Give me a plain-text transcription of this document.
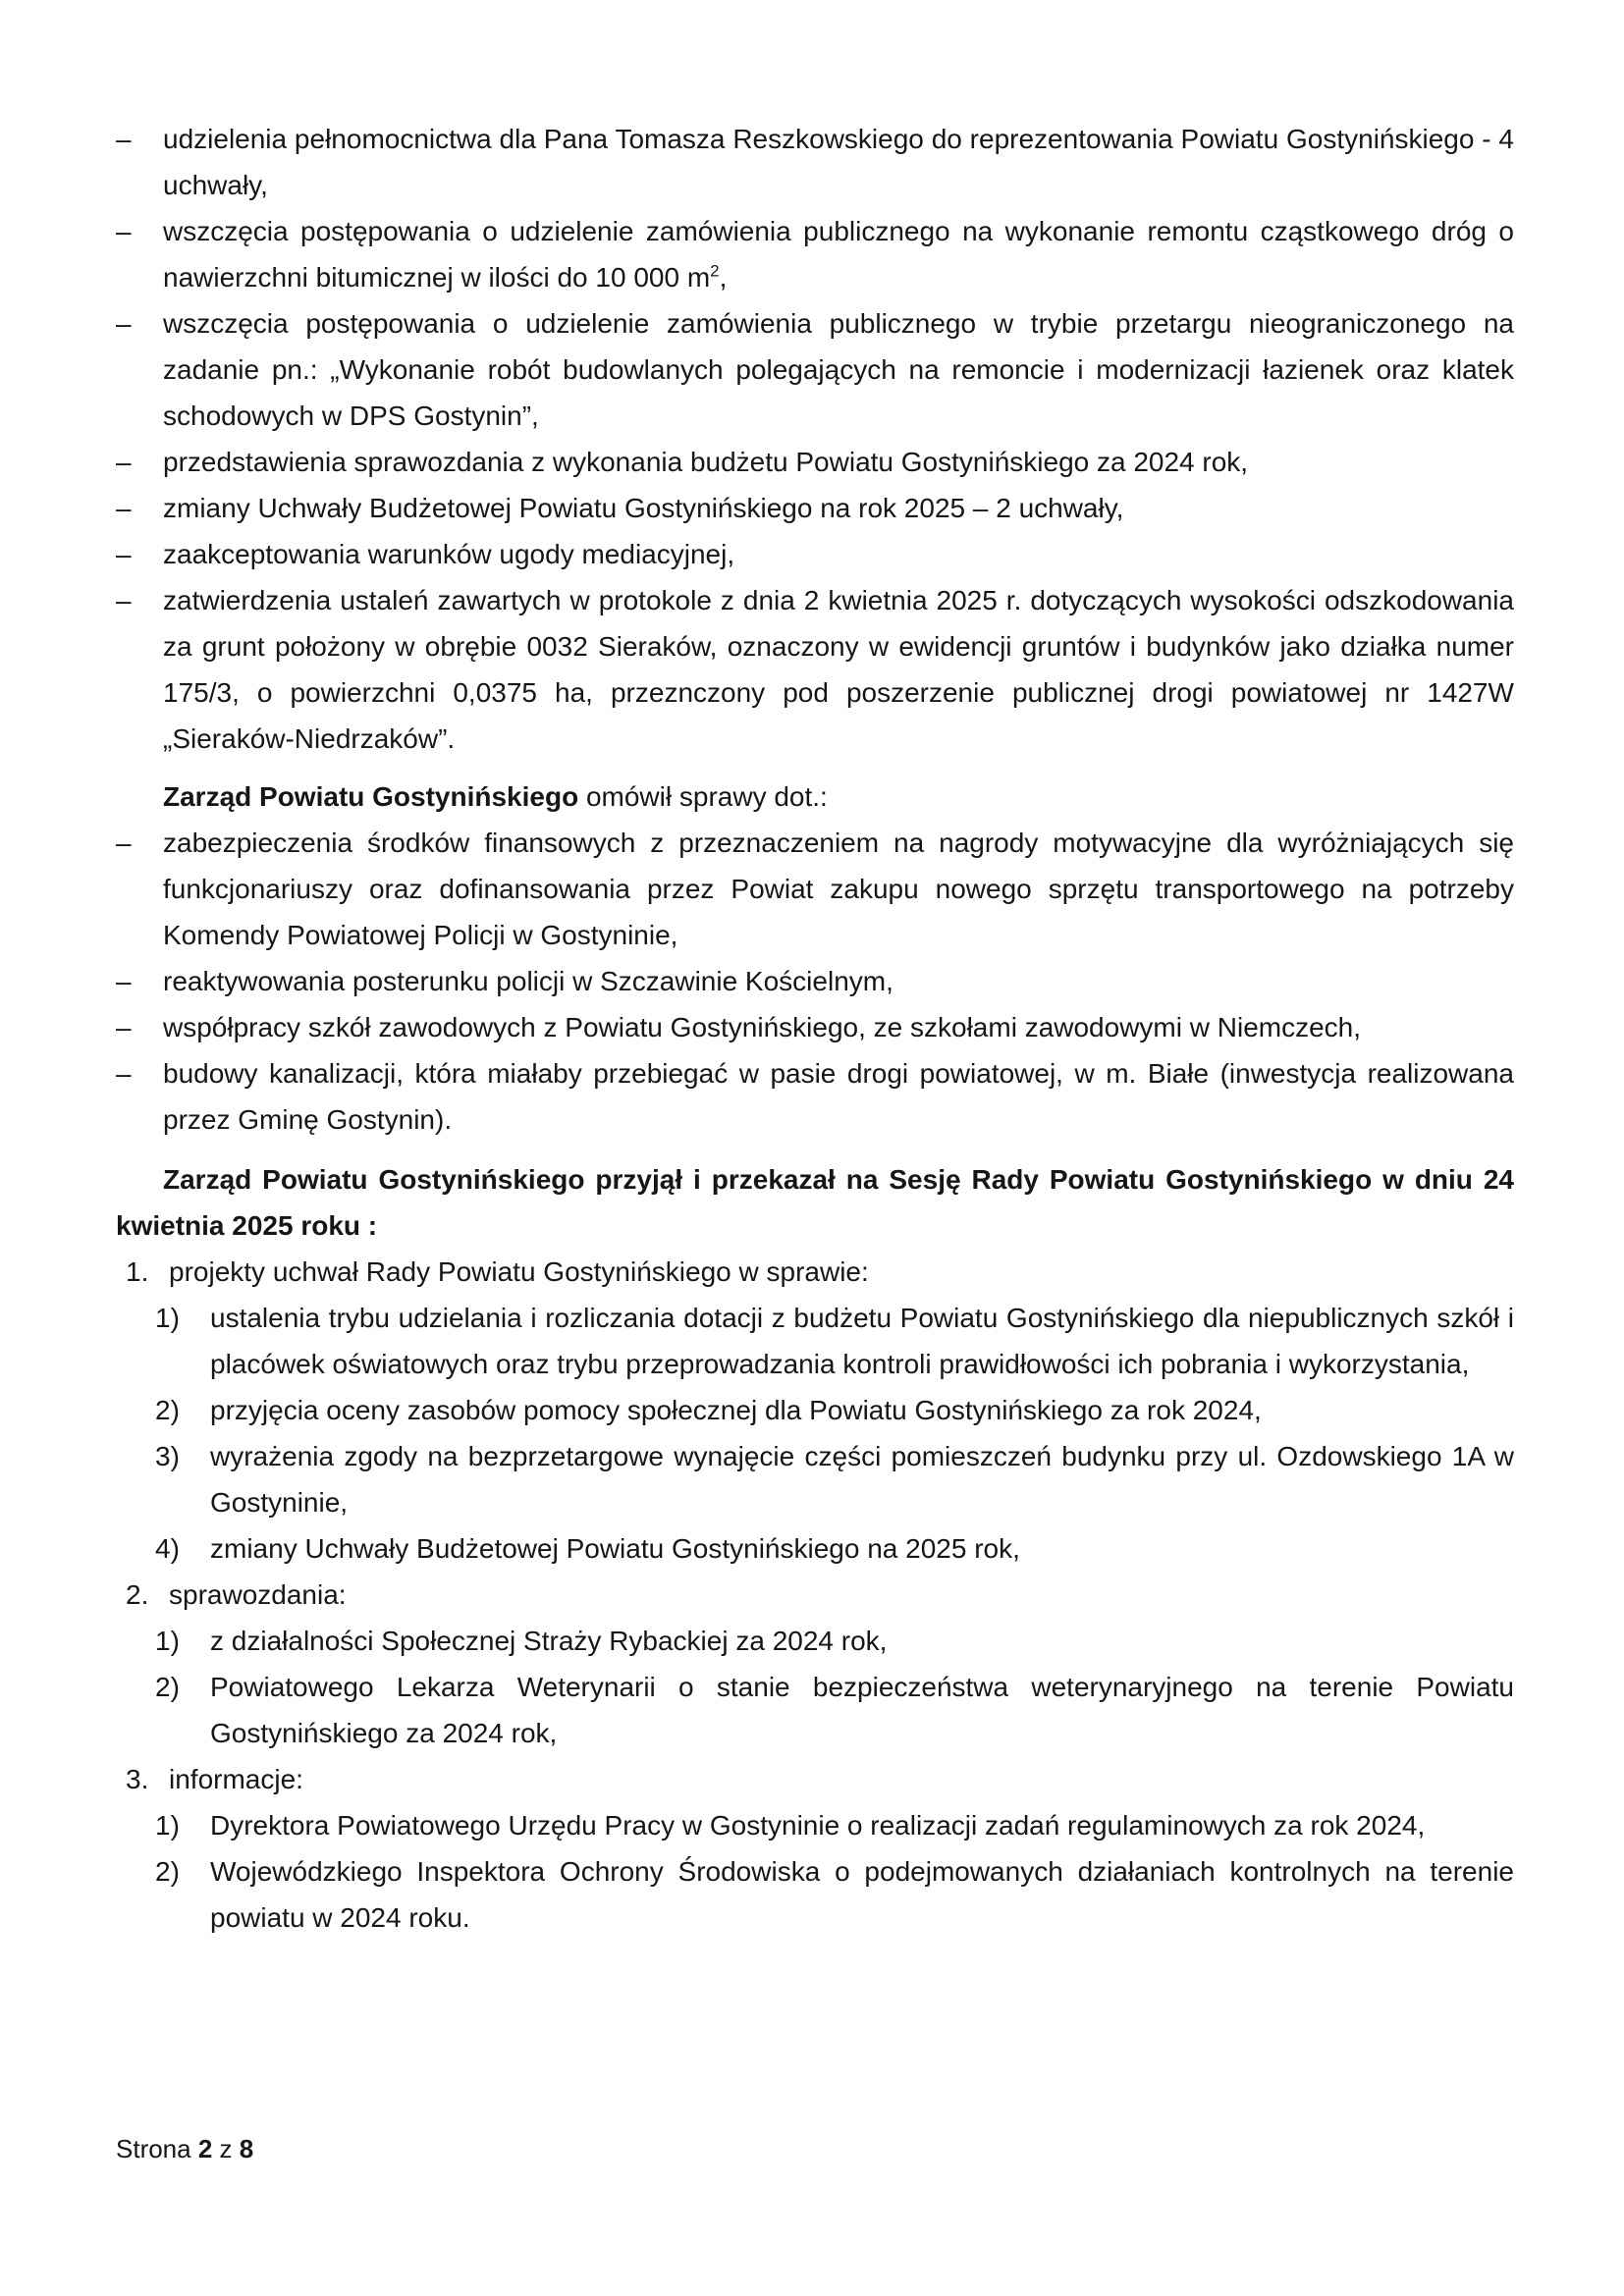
– udzielenia pełnomocnictwa dla Pana Tomasza Reszkowskiego do reprezentowania Powiatu Gostynińskiego - 4 uchwały,

– wszczęcia postępowania o udzielenie zamówienia publicznego na wykonanie remontu cząstkowego dróg o nawierzchni bitumicznej w ilości do 10 000 $m^2$,

– wszczęcia postępowania o udzielenie zamówienia publicznego w trybie przetargu nieograniczonego na zadanie pn.: „Wykonanie robót budowlanych polegających na remoncie i modernizacji łazienek oraz klatek schodowych w DPS Gostynin”,

– przedstawienia sprawozdania z wykonania budżetu Powiatu Gostynińskiego za 2024 rok,

– zmiany Uchwały Budżetowej Powiatu Gostynińskiego na rok 2025 – 2 uchwały,

– zaakceptowania warunków ugody mediacyjnej,

– zatwierdzenia ustaleń zawartych w protokole z dnia 2 kwietnia 2025 r. dotyczących wysokości odszkodowania za grunt położony w obrębie 0032 Sieraków, oznaczony w ewidencji gruntów i budynków jako działka numer 175/3, o powierzchni 0,0375 ha, przeznczony pod poszerzenie publicznej drogi powiatowej nr 1427W „Sieraków-Niedrzaków”.

Zarząd Powiatu Gostynińskiego omówił sprawy dot.:

– zabezpieczenia środków finansowych z przeznaczeniem na nagrody motywacyjne dla wyróżniających się funkcjonariuszy oraz dofinansowania przez Powiat zakupu nowego sprzętu transportowego na potrzeby Komendy Powiatowej Policji w Gostyninie,

– reaktywowania posterunku policji w Szczawinie Kościelnym,

– współpracy szkół zawodowych z Powiatu Gostynińskiego, ze szkołami zawodowymi w Niemczech,

– budowy kanalizacji, która miałaby przebiegać w pasie drogi powiatowej, w m. Białe (inwestycja realizowana przez Gminę Gostynin).

Zarząd Powiatu Gostynińskiego przyjął i przekazał na Sesję Rady Powiatu Gostynińskiego w dniu 24 kwietnia 2025 roku :

1. projekty uchwał Rady Powiatu Gostynińskiego w sprawie:

1) ustalenia trybu udzielania i rozliczania dotacji z budżetu Powiatu Gostynińskiego dla niepublicznych szkół i placówek oświatowych oraz trybu przeprowadzania kontroli prawidłowości ich pobrania i wykorzystania,

2) przyjęcia oceny zasobów pomocy społecznej dla Powiatu Gostynińskiego za rok 2024,

3) wyrażenia zgody na bezprzetargowe wynajęcie części pomieszczeń budynku przy ul. Ozdowskiego 1A w Gostyninie,

4) zmiany Uchwały Budżetowej Powiatu Gostynińskiego na 2025 rok,

2. sprawozdania:

1) z działalności Społecznej Straży Rybackiej za 2024 rok,

2) Powiatowego Lekarza Weterynarii o stanie bezpieczeństwa weterynaryjnego na terenie Powiatu Gostynińskiego za 2024 rok,

3. informacje:

1) Dyrektora Powiatowego Urzędu Pracy w Gostyninie o realizacji zadań regulaminowych za rok 2024,

2) Wojewódzkiego Inspektora Ochrony Środowiska o podejmowanych działaniach kontrolnych na terenie powiatu w 2024 roku.

Strona 2 z 8
